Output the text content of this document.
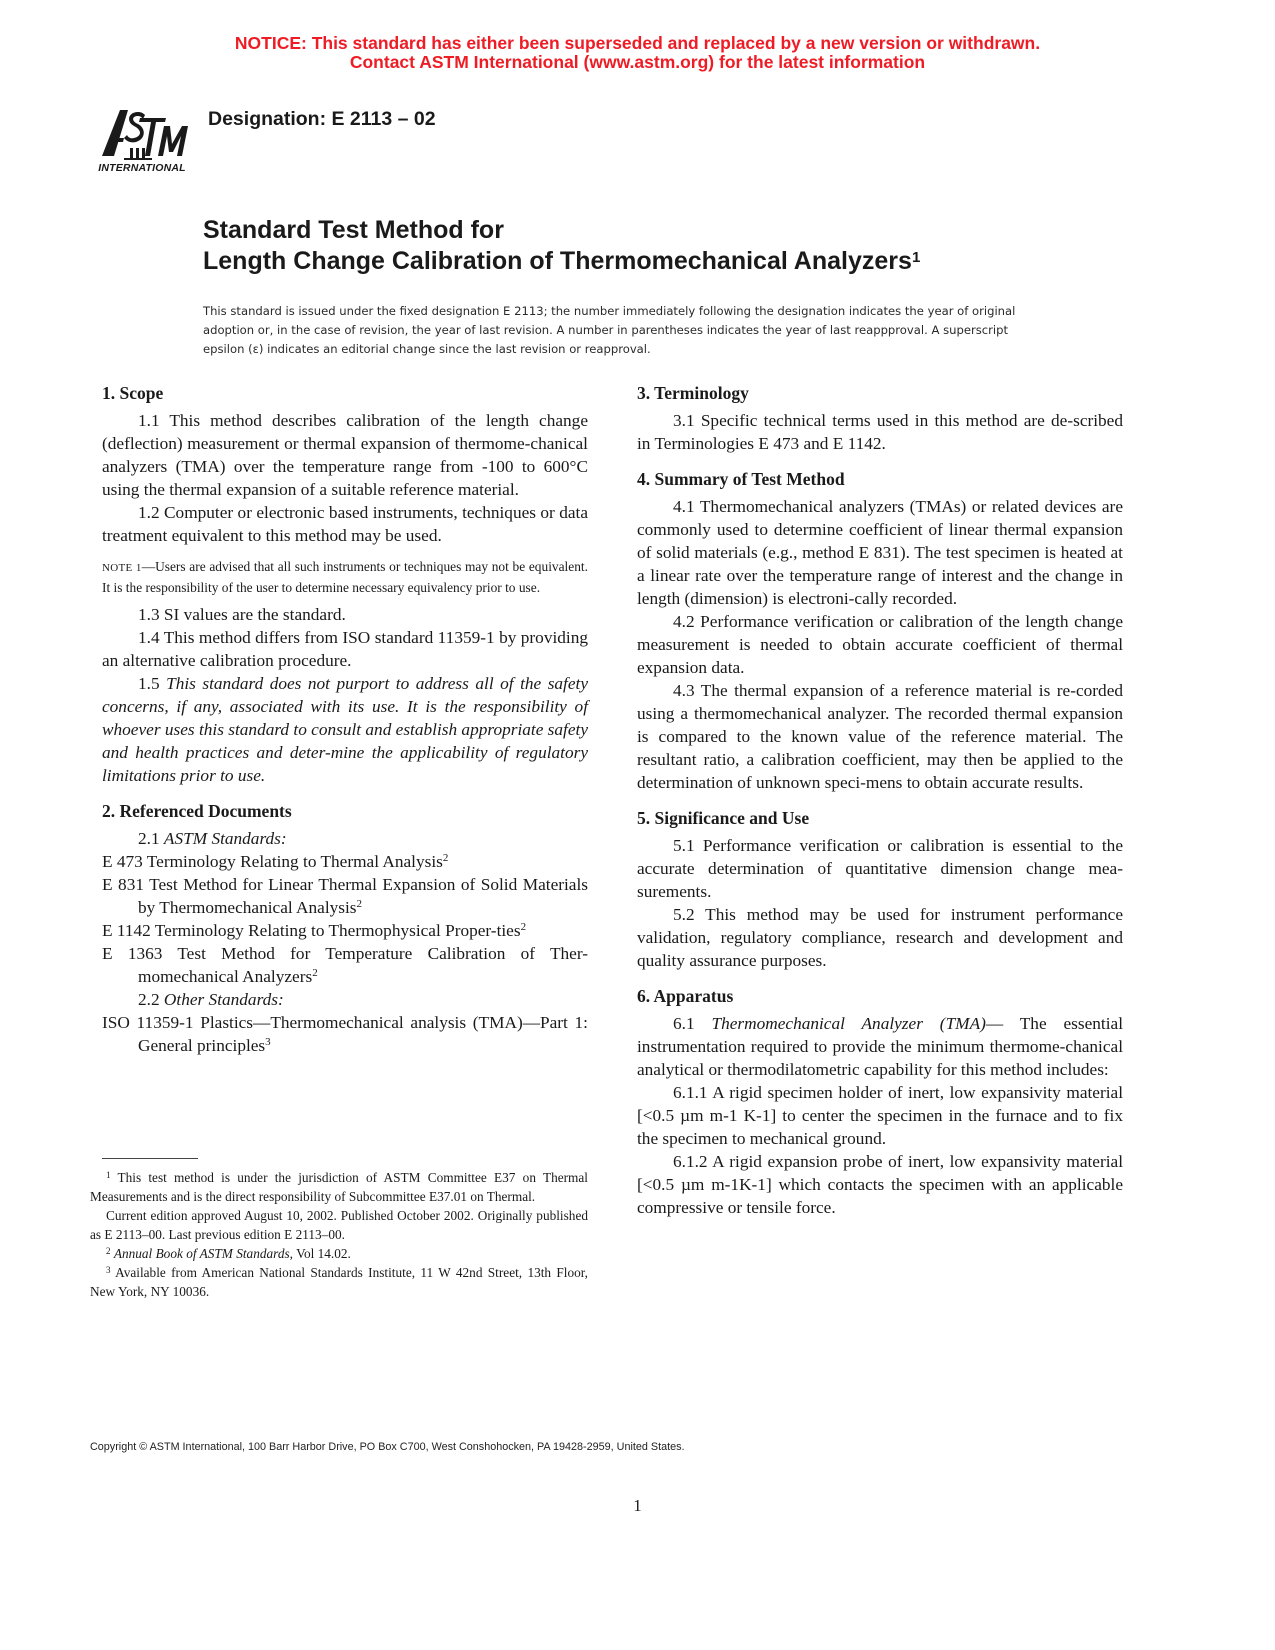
NOTICE: This standard has either been superseded and replaced by a new version or withdrawn.
Contact ASTM International (www.astm.org) for the latest information
INTERNATIONAL
Designation: E 2113 – 02
Standard Test Method for
Length Change Calibration of Thermomechanical Analyzers$^1$
This standard is issued under the fixed designation E 2113; the number immediately following the designation indicates the year of original adoption or, in the case of revision, the year of last revision. A number in parentheses indicates the year of last reappproval. A superscript epsilon (ε) indicates an editorial change since the last revision or reapproval.
1. Scope

1.1 This method describes calibration of the length change (deflection) measurement or thermal expansion of thermome-chanical analyzers (TMA) over the temperature range from -100 to 600°C using the thermal expansion of a suitable reference material.

1.2 Computer or electronic based instruments, techniques or data treatment equivalent to this method may be used.

NOTE 1—Users are advised that all such instruments or techniques may not be equivalent. It is the responsibility of the user to determine necessary equivalency prior to use.

1.3 SI values are the standard.

1.4 This method differs from ISO standard 11359-1 by providing an alternative calibration procedure.

1.5 This standard does not purport to address all of the safety concerns, if any, associated with its use. It is the responsibility of whoever uses this standard to consult and establish appropriate safety and health practices and deter-mine the applicability of regulatory limitations prior to use.

2. Referenced Documents

2.1 ASTM Standards:

E 473 Terminology Relating to Thermal Analysis$^2$

E 831 Test Method for Linear Thermal Expansion of Solid Materials by Thermomechanical Analysis$^2$

E 1142 Terminology Relating to Thermophysical Proper-ties$^2$

E 1363 Test Method for Temperature Calibration of Ther-momechanical Analyzers$^2$

2.2 Other Standards:

ISO 11359-1 Plastics—Thermomechanical analysis (TMA)—Part 1: General principles$^3$

3. Terminology

3.1 Specific technical terms used in this method are de-scribed in Terminologies E 473 and E 1142.

4. Summary of Test Method

4.1 Thermomechanical analyzers (TMAs) or related devices are commonly used to determine coefficient of linear thermal expansion of solid materials (e.g., method E 831). The test specimen is heated at a linear rate over the temperature range of interest and the change in length (dimension) is electroni-cally recorded.

4.2 Performance verification or calibration of the length change measurement is needed to obtain accurate coefficient of thermal expansion data.

4.3 The thermal expansion of a reference material is re-corded using a thermomechanical analyzer. The recorded thermal expansion is compared to the known value of the reference material. The resultant ratio, a calibration coefficient, may then be applied to the determination of unknown speci-mens to obtain accurate results.

5. Significance and Use

5.1 Performance verification or calibration is essential to the accurate determination of quantitative dimension change mea-surements.

5.2 This method may be used for instrument performance validation, regulatory compliance, research and development and quality assurance purposes.

6. Apparatus

6.1 Thermomechanical Analyzer (TMA)— The essential instrumentation required to provide the minimum thermome-chanical analytical or thermodilatometric capability for this method includes:

6.1.1 A rigid specimen holder of inert, low expansivity material [<0.5 µm m-1 K-1] to center the specimen in the furnace and to fix the specimen to mechanical ground.

6.1.2 A rigid expansion probe of inert, low expansivity material [<0.5 µm m-1K-1] which contacts the specimen with an applicable compressive or tensile force.

$^1$ This test method is under the jurisdiction of ASTM Committee E37 on Thermal Measurements and is the direct responsibility of Subcommittee E37.01 on Thermal.

Current edition approved August 10, 2002. Published October 2002. Originally published as E 2113–00. Last previous edition E 2113–00.

$^2$ Annual Book of ASTM Standards, Vol 14.02.

$^3$ Available from American National Standards Institute, 11 W 42nd Street, 13th Floor, New York, NY 10036.

Copyright © ASTM International, 100 Barr Harbor Drive, PO Box C700, West Conshohocken, PA 19428-2959, United States.
1
